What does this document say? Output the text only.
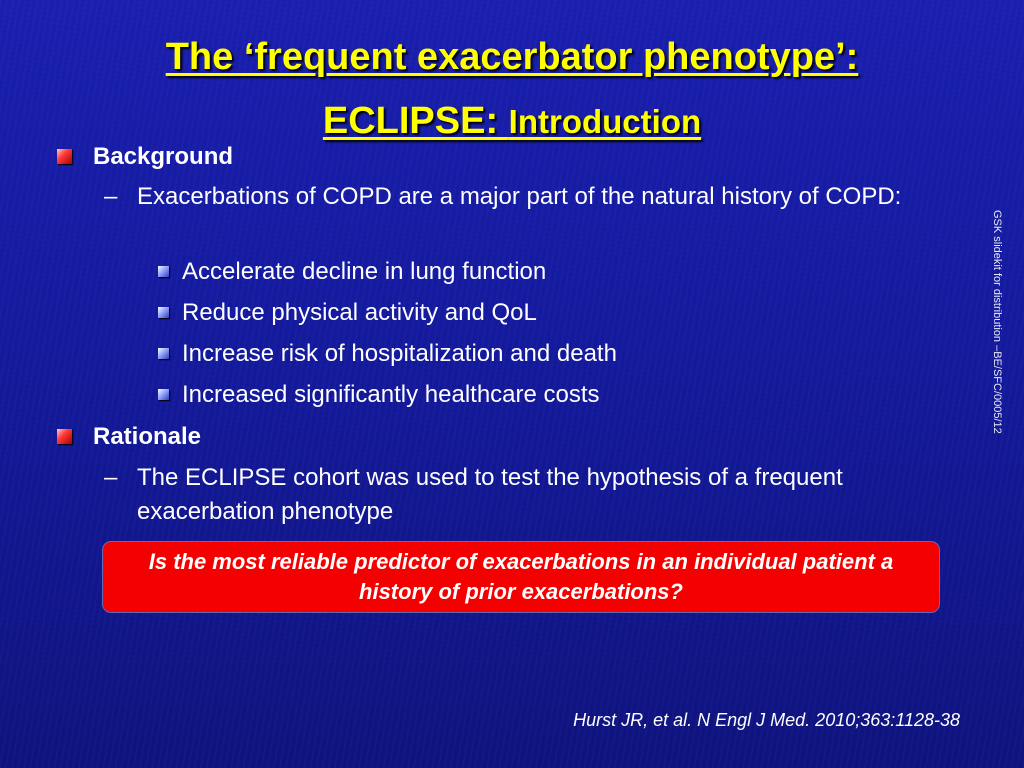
The ‘frequent exacerbator phenotype’:
ECLIPSE: Introduction
Background
– Exacerbations of COPD are a major part of the natural history of COPD:
Accelerate decline in lung function
Reduce physical activity and QoL
Increase risk of hospitalization and death
Increased significantly healthcare costs
Rationale
– The ECLIPSE cohort was used to test the hypothesis of a frequent exacerbation phenotype
Is the most reliable predictor of exacerbations in an individual patient a history of prior exacerbations?
Hurst JR, et al. N Engl J Med. 2010;363:1128-38
GSK slidekit for distribution –BE/SFC/0005/12
